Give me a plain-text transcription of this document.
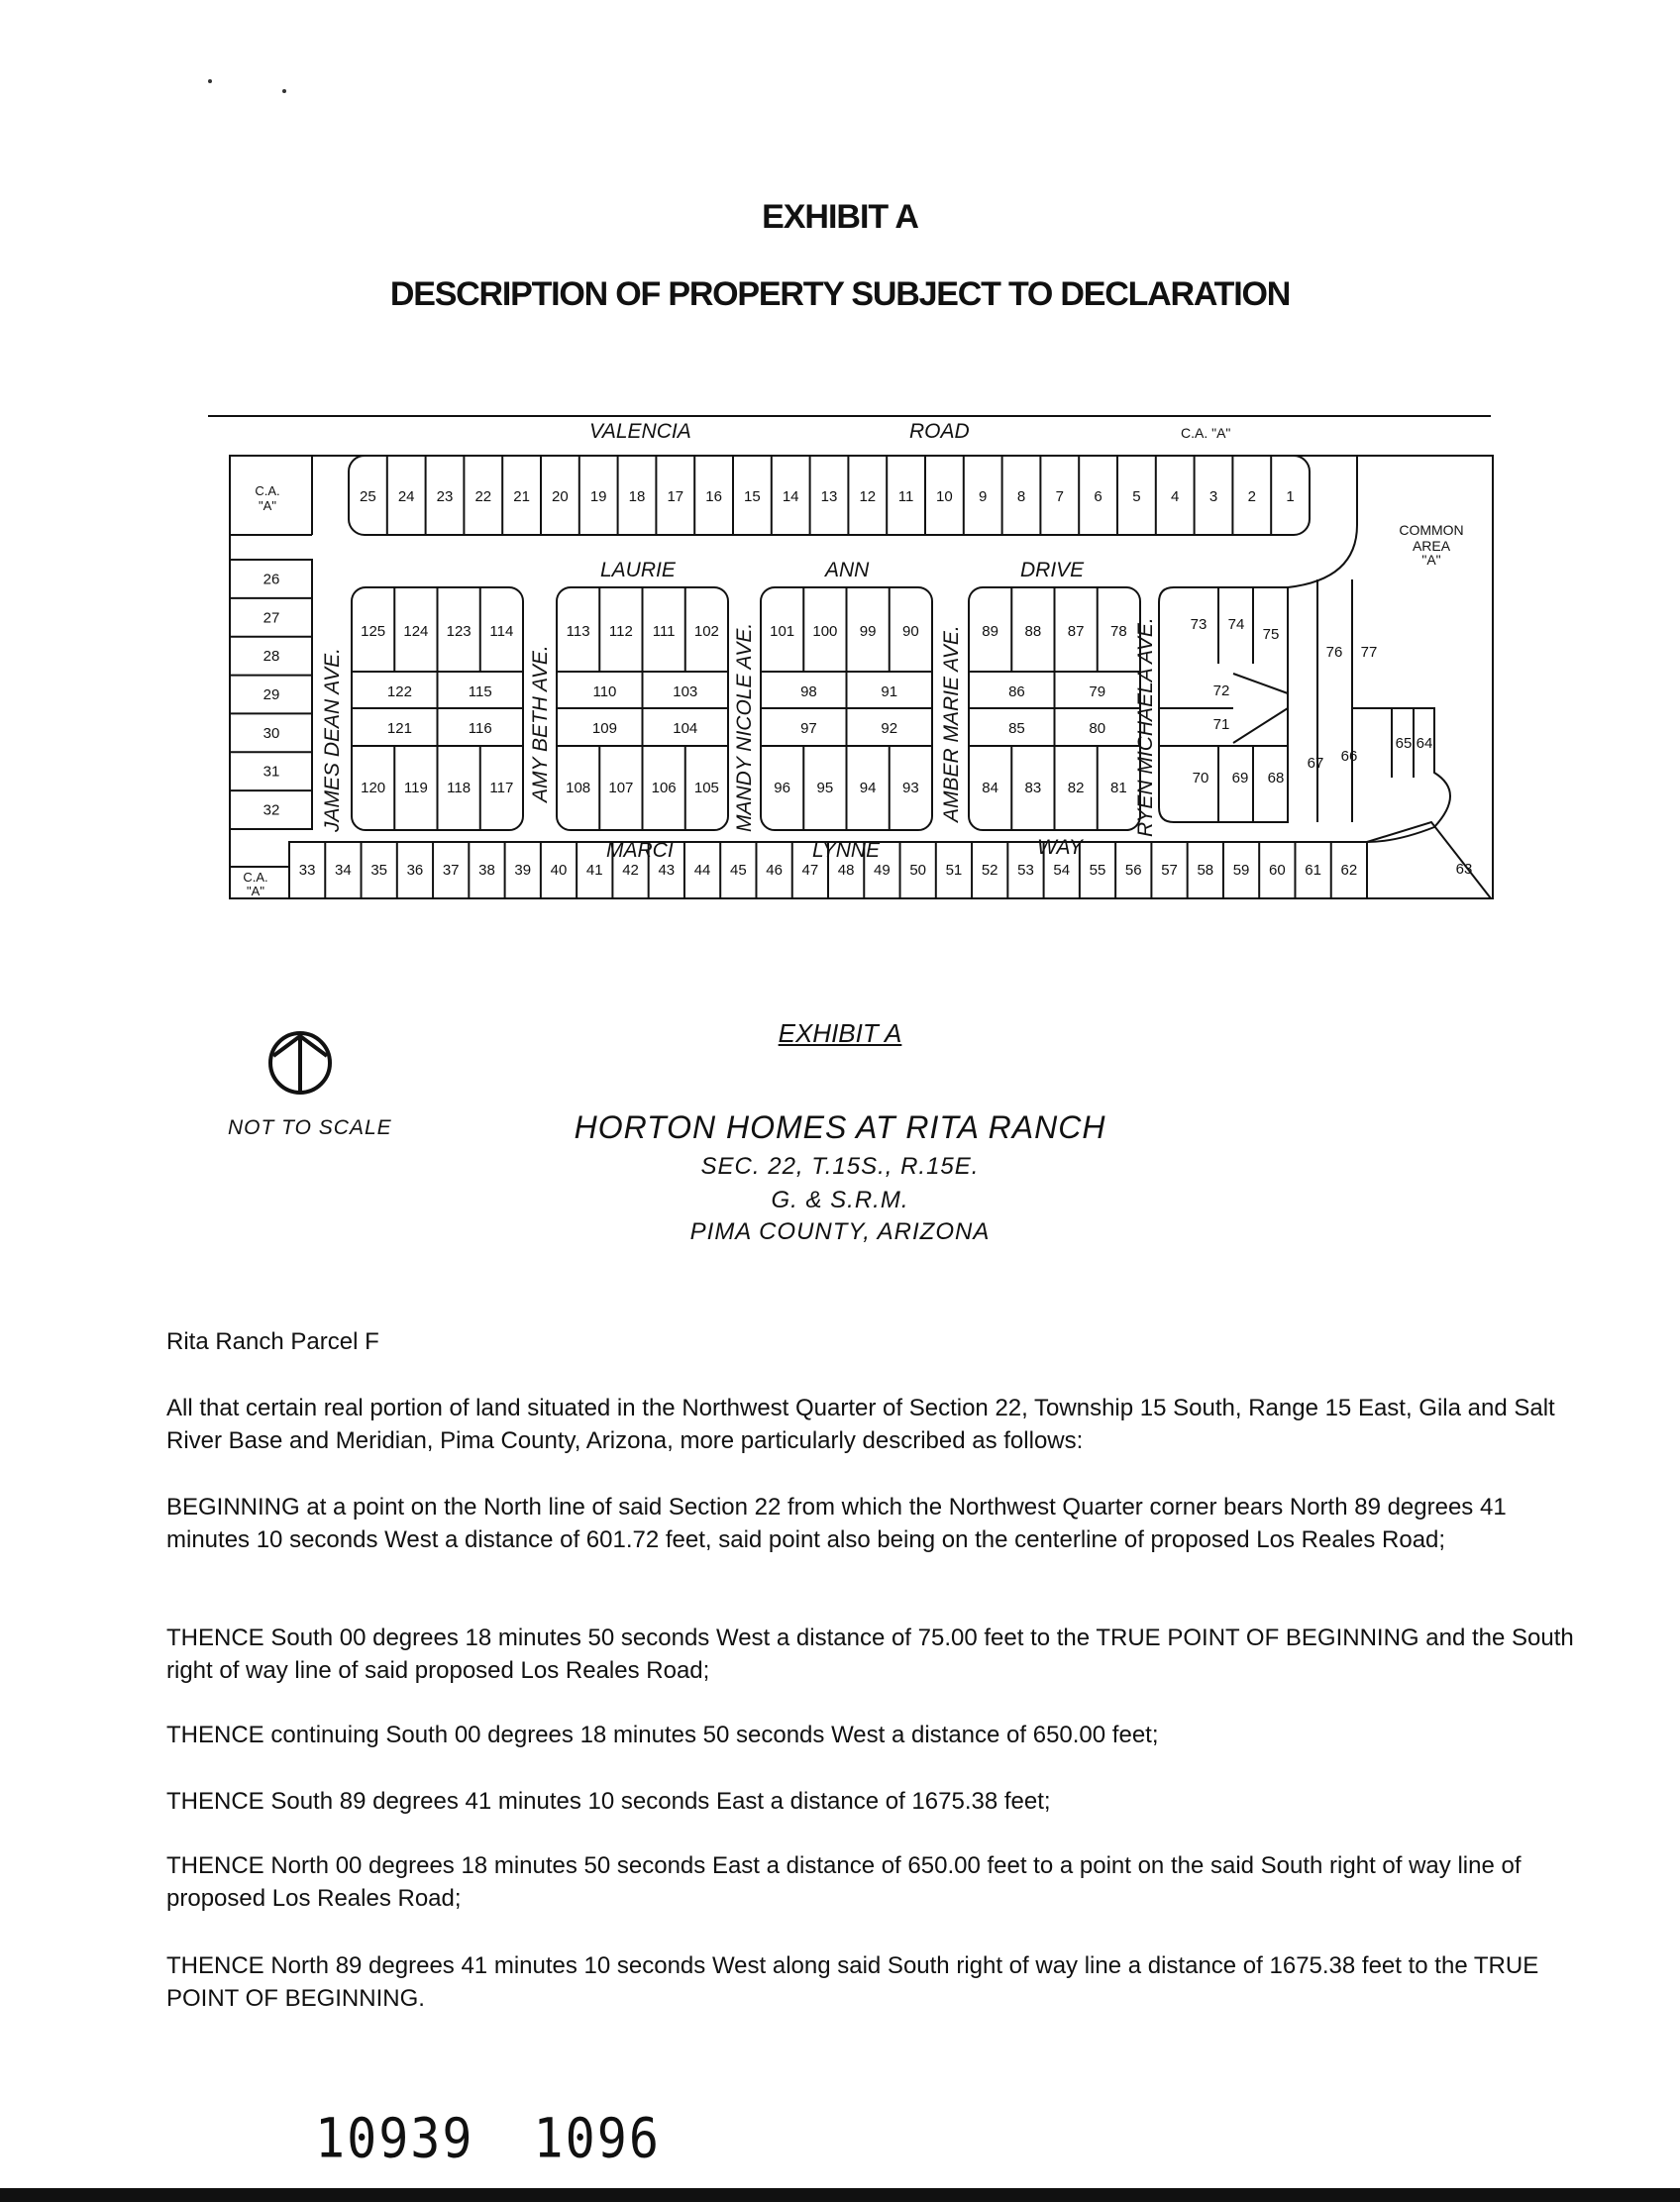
EXHIBIT A
DESCRIPTION OF PROPERTY SUBJECT TO DECLARATION
25 24 23 22 21 20 19 18 17 16 15 14 13 12 11 10 9 8 7 6 5 4 3 2 1
26
27
28
29
30
31
32
33 34 35 36 37 38 39 40 41 42 43 44 45 46 47 48 49 50 51 52 53 54 55 56 57 58 59 60 61 62	63
125 124 123 114
120 119 118 117
122	115
121	116
113 112 111 102
108 107 106 105
110	103
109	104
101 100 99 90
96 95 94 93
98	91
97	92
89 88 87 78
84 83 82 81
86	79
85	80
73 74
75
72
71
70 69 68
76 77
67 66
65 64
VALENCIA	ROAD	C.A. "A"
LAURIE	ANN	DRIVE
MARCI	LYNNE	WAY
JAMES DEAN AVE.	AMY BETH AVE.	MANDY NICOLE AVE.	AMBER MARIE AVE.	RYEN MICHAELA AVE.
C.A.
"A"
C.A.
"A"
COMMON
AREA
"A"
NOT TO SCALE
EXHIBIT A
HORTON HOMES AT RITA RANCH
SEC. 22, T.15S., R.15E.
G. & S.R.M.
PIMA COUNTY, ARIZONA
Rita Ranch Parcel F
All that certain real portion of land situated in the Northwest Quarter of Section 22, Township 15 South, Range 15 East, Gila and Salt River Base and Meridian, Pima County, Arizona, more particularly described as follows:
BEGINNING at a point on the North line of said Section 22 from which the Northwest Quarter corner bears North 89 degrees 41 minutes 10 seconds West a distance of 601.72 feet, said point also being on the centerline of proposed Los Reales Road;
THENCE South 00 degrees 18 minutes 50 seconds West a distance of 75.00 feet to the TRUE POINT OF BEGINNING and the South right of way line of said proposed Los Reales Road;
THENCE continuing South 00 degrees 18 minutes 50 seconds West a distance of 650.00 feet;
THENCE South 89 degrees 41 minutes 10 seconds East a distance of 1675.38 feet;
THENCE North 00 degrees 18 minutes 50 seconds East a distance of 650.00 feet to a point on the said South right of way line of proposed Los Reales Road;
THENCE North 89 degrees 41 minutes 10 seconds West along said South right of way line a distance of 1675.38 feet to the TRUE POINT OF BEGINNING.
10939 1096
